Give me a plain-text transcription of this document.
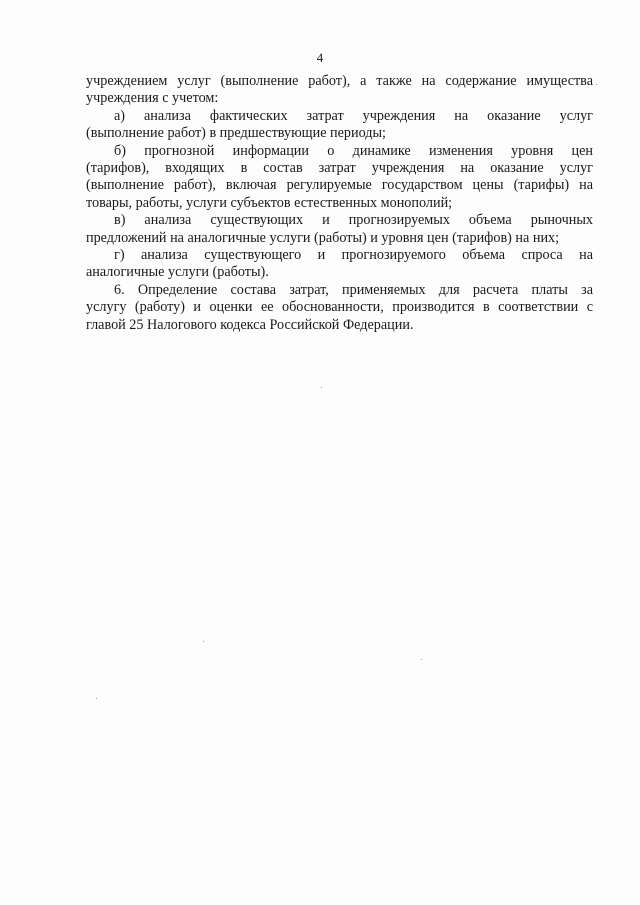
4
учреждением услуг (выполнение работ), а также на содержание имущества
учреждения с учетом:
а) анализа фактических затрат учреждения на оказание услуг
(выполнение работ) в предшествующие периоды;
б) прогнозной информации о динамике изменения уровня цен
(тарифов), входящих в состав затрат учреждения на оказание услуг
(выполнение работ), включая регулируемые государством цены (тарифы) на
товары, работы, услуги субъектов естественных монополий;
в) анализа существующих и прогнозируемых объема рыночных
предложений на аналогичные услуги (работы) и уровня цен (тарифов) на них;
г) анализа существующего и прогнозируемого объема спроса на
аналогичные услуги (работы).
6. Определение состава затрат, применяемых для расчета платы за
услугу (работу) и оценки ее обоснованности, производится в соответствии с
главой 25 Налогового кодекса Российской Федерации.
